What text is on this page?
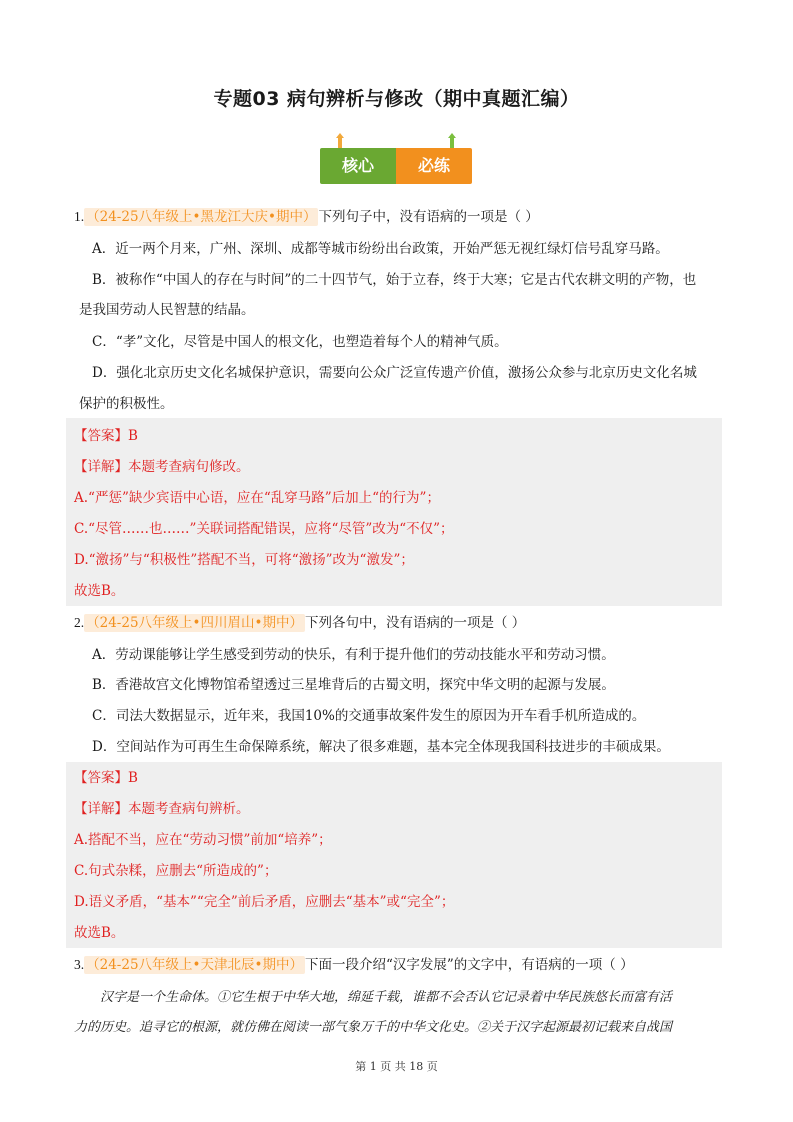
专题03 病句辨析与修改（期中真题汇编）
核心	必练
1. （24-25八年级上•黑龙江大庆•期中） 下列句子中，没有语病的一项是（ ）
A．近一两个月来，广州、深圳、成都等城市纷纷出台政策，开始严惩无视红绿灯信号乱穿马路。
B．被称作“中国人的存在与时间”的二十四节气，始于立春，终于大寒；它是古代农耕文明的产物，也
是我国劳动人民智慧的结晶。
C．“孝”文化，尽管是中国人的根文化，也塑造着每个人的精神气质。
D．强化北京历史文化名城保护意识，需要向公众广泛宣传遗产价值，激扬公众参与北京历史文化名城
保护的积极性。
【答案】B
【详解】本题考查病句修改。
A.“严惩”缺少宾语中心语，应在“乱穿马路”后加上“的行为”；
C.“尽管……也……”关联词搭配错误，应将“尽管”改为“不仅”；
D.“激扬”与“积极性”搭配不当，可将“激扬”改为“激发”；
故选B。
2. （24-25八年级上•四川眉山•期中） 下列各句中，没有语病的一项是（ ）
A．劳动课能够让学生感受到劳动的快乐，有利于提升他们的劳动技能水平和劳动习惯。
B．香港故宫文化博物馆希望透过三星堆背后的古蜀文明，探究中华文明的起源与发展。
C．司法大数据显示，近年来，我国10%的交通事故案件发生的原因为开车看手机所造成的。
D．空间站作为可再生生命保障系统，解决了很多难题，基本完全体现我国科技进步的丰硕成果。
【答案】B
【详解】本题考查病句辨析。
A.搭配不当，应在“劳动习惯”前加“培养”；
C.句式杂糅，应删去“所造成的”；
D.语义矛盾，“基本”“完全”前后矛盾，应删去“基本”或“完全”；
故选B。
3. （24-25八年级上•天津北辰•期中） 下面一段介绍“汉字发展”的文字中，有语病的一项（ ）
汉字是一个生命体。①它生根于中华大地，绵延千载，谁都不会否认它记录着中华民族悠长而富有活
力的历史。追寻它的根源，就仿佛在阅读一部气象万千的中华文化史。②关于汉字起源最初记载来自战国
第 1 页 共 18 页
